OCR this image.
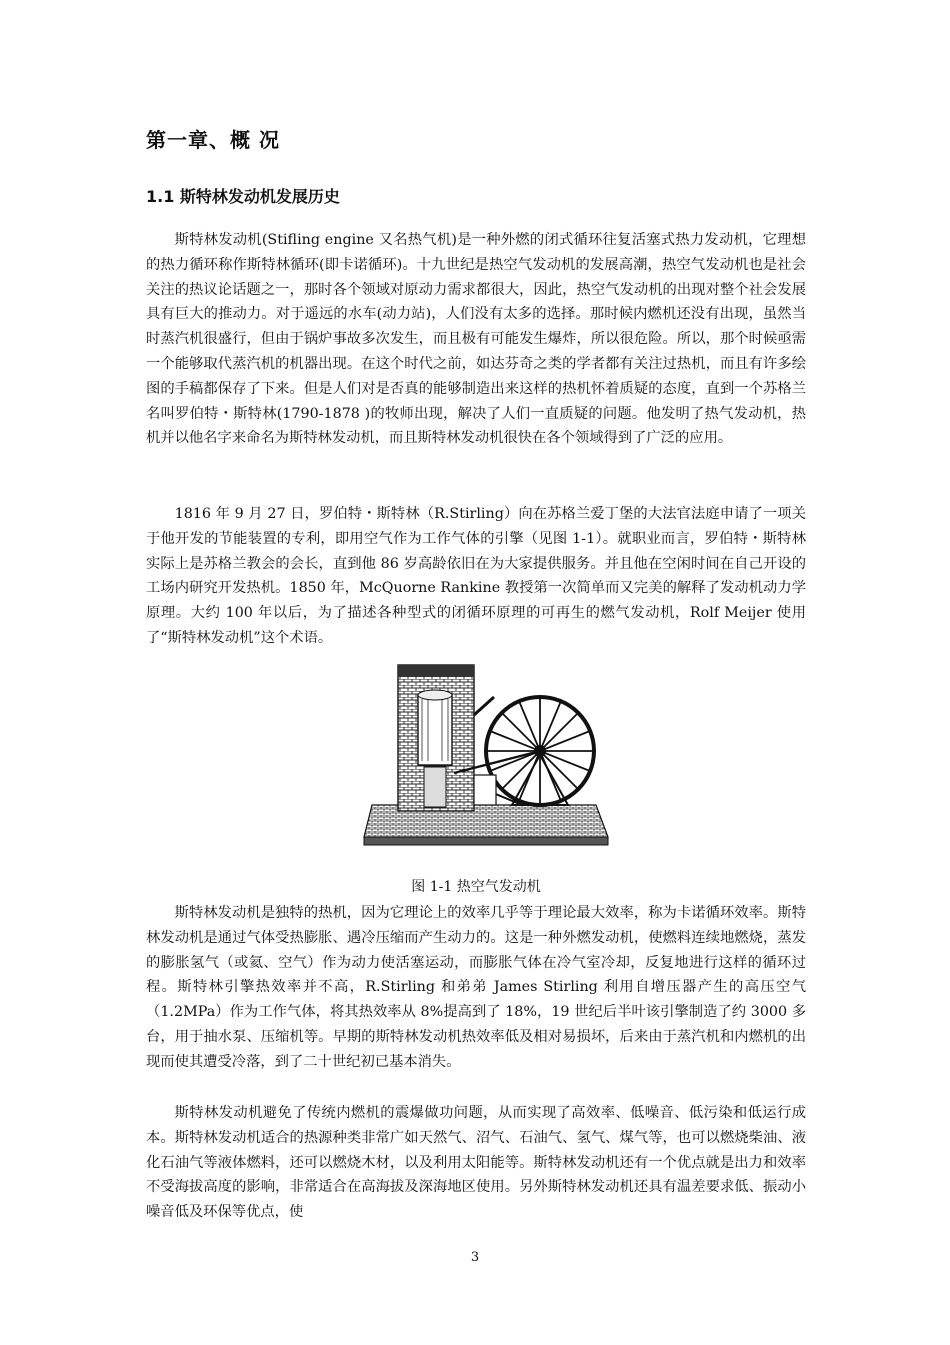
第一章、概 况
1.1 斯特林发动机发展历史

斯特林发动机(Stifling engine 又名热气机)是一种外燃的闭式循环往复活塞式热力发动机，它理想的热力循环称作斯特林循环(即卡诺循环)。十九世纪是热空气发动机的发展高潮，热空气发动机也是社会关注的热议论话题之一，那时各个领域对原动力需求都很大，因此，热空气发动机的出现对整个社会发展具有巨大的推动力。对于遥远的水车(动力站)，人们没有太多的选择。那时候内燃机还没有出现，虽然当时蒸汽机很盛行，但由于锅炉事故多次发生，而且极有可能发生爆炸，所以很危险。所以，那个时候亟需一个能够取代蒸汽机的机器出现。在这个时代之前，如达芬奇之类的学者都有关注过热机，而且有许多绘图的手稿都保存了下来。但是人们对是否真的能够制造出来这样的热机怀着质疑的态度，直到一个苏格兰名叫罗伯特・斯特林(1790-1878 )的牧师出现，解决了人们一直质疑的问题。他发明了热气发动机，热机并以他名字来命名为斯特林发动机，而且斯特林发动机很快在各个领域得到了广泛的应用。

1816 年 9 月 27 日，罗伯特・斯特林（R.Stirling）向在苏格兰爱丁堡的大法官法庭申请了一项关于他开发的节能装置的专利，即用空气作为工作气体的引擎（见图 1-1）。就职业而言，罗伯特・斯特林实际上是苏格兰教会的会长，直到他 86 岁高龄依旧在为大家提供服务。并且他在空闲时间在自己开设的工场内研究开发热机。1850 年，McQuorne Rankine 教授第一次简单而又完美的解释了发动机动力学原理。大约 100 年以后，为了描述各种型式的闭循环原理的可再生的燃气发动机，Rolf Meijer 使用了“斯特林发动机”这个术语。

图 1-1 热空气发动机

斯特林发动机是独特的热机，因为它理论上的效率几乎等于理论最大效率，称为卡诺循环效率。斯特林发动机是通过气体受热膨胀、遇冷压缩而产生动力的。这是一种外燃发动机，使燃料连续地燃烧，蒸发的膨胀氢气（或氦、空气）作为动力使活塞运动，而膨胀气体在冷气室冷却，反复地进行这样的循环过程。斯特林引擎热效率并不高，R.Stirling 和弟弟 James Stirling 利用自增压器产生的高压空气（1.2MPa）作为工作气体，将其热效率从 8%提高到了 18%，19 世纪后半叶该引擎制造了约 3000 多台，用于抽水泵、压缩机等。早期的斯特林发动机热效率低及相对易损坏，后来由于蒸汽机和内燃机的出现而使其遭受冷落，到了二十世纪初已基本消失。

斯特林发动机避免了传统内燃机的震爆做功问题，从而实现了高效率、低噪音、低污染和低运行成本。斯特林发动机适合的热源种类非常广如天然气、沼气、石油气、氢气、煤气等，也可以燃烧柴油、液化石油气等液体燃料，还可以燃烧木材，以及利用太阳能等。斯特林发动机还有一个优点就是出力和效率不受海拔高度的影响，非常适合在高海拔及深海地区使用。另外斯特林发动机还具有温差要求低、振动小噪音低及环保等优点，使

3
